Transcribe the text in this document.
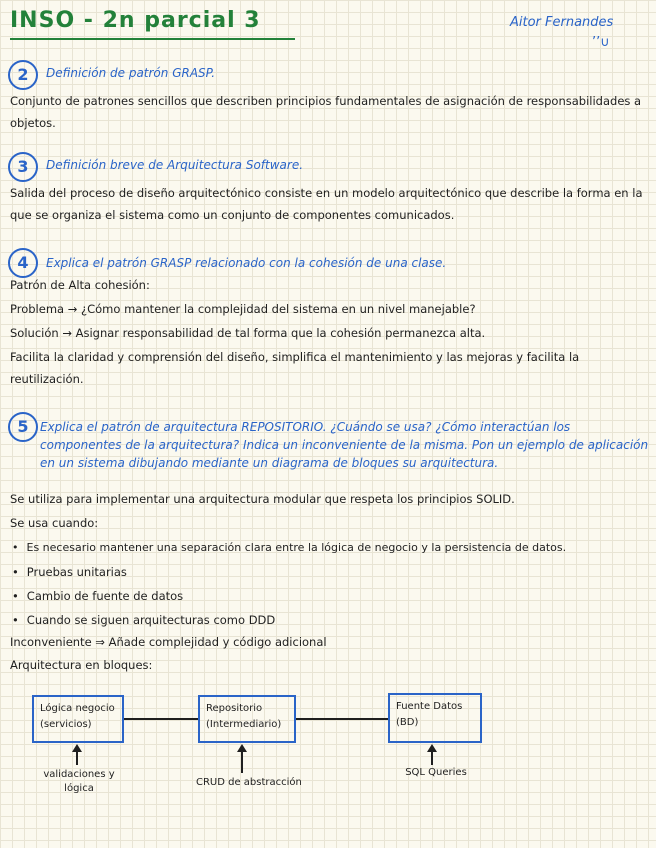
INSO - 2n parcial 3	Aitor Fernandes
’’∪
2	Definición de patrón GRASP.
Conjunto de patrones sencillos que describen principios fundamentales de asignación de responsabilidades a objetos.
3	Definición breve de Arquitectura Software.
Salida del proceso de diseño arquitectónico consiste en un modelo arquitectónico que describe la forma en la que se organiza el sistema como un conjunto de componentes comunicados.
4	Explica el patrón GRASP relacionado con la cohesión de una clase.
Patrón de Alta cohesión:
Problema → ¿Cómo mantener la complejidad del sistema en un nivel manejable?
Solución → Asignar responsabilidad de tal forma que la cohesión permanezca alta.
Facilita la claridad y comprensión del diseño, simplifica el mantenimiento y las mejoras y facilita la reutilización.
5 Explica el patrón de arquitectura REPOSITORIO. ¿Cuándo se usa? ¿Cómo interactúan los componentes de la arquitectura? Indica un inconveniente de la misma. Pon un ejemplo de aplicación en un sistema dibujando mediante un diagrama de bloques su arquitectura.
Se utiliza para implementar una arquitectura modular que respeta los principios SOLID.
Se usa cuando:
• Es necesario mantener una separación clara entre la lógica de negocio y la persistencia de datos.
• Pruebas unitarias
• Cambio de fuente de datos
• Cuando se siguen arquitecturas como DDD
Inconveniente ⇒ Añade complejidad y código adicional
Arquitectura en bloques:
Lógica negocio
(servicios)
Repositorio
(Intermediario)
Fuente Datos
(BD)
validaciones y lógica
CRUD de abstracción
SQL Queries
